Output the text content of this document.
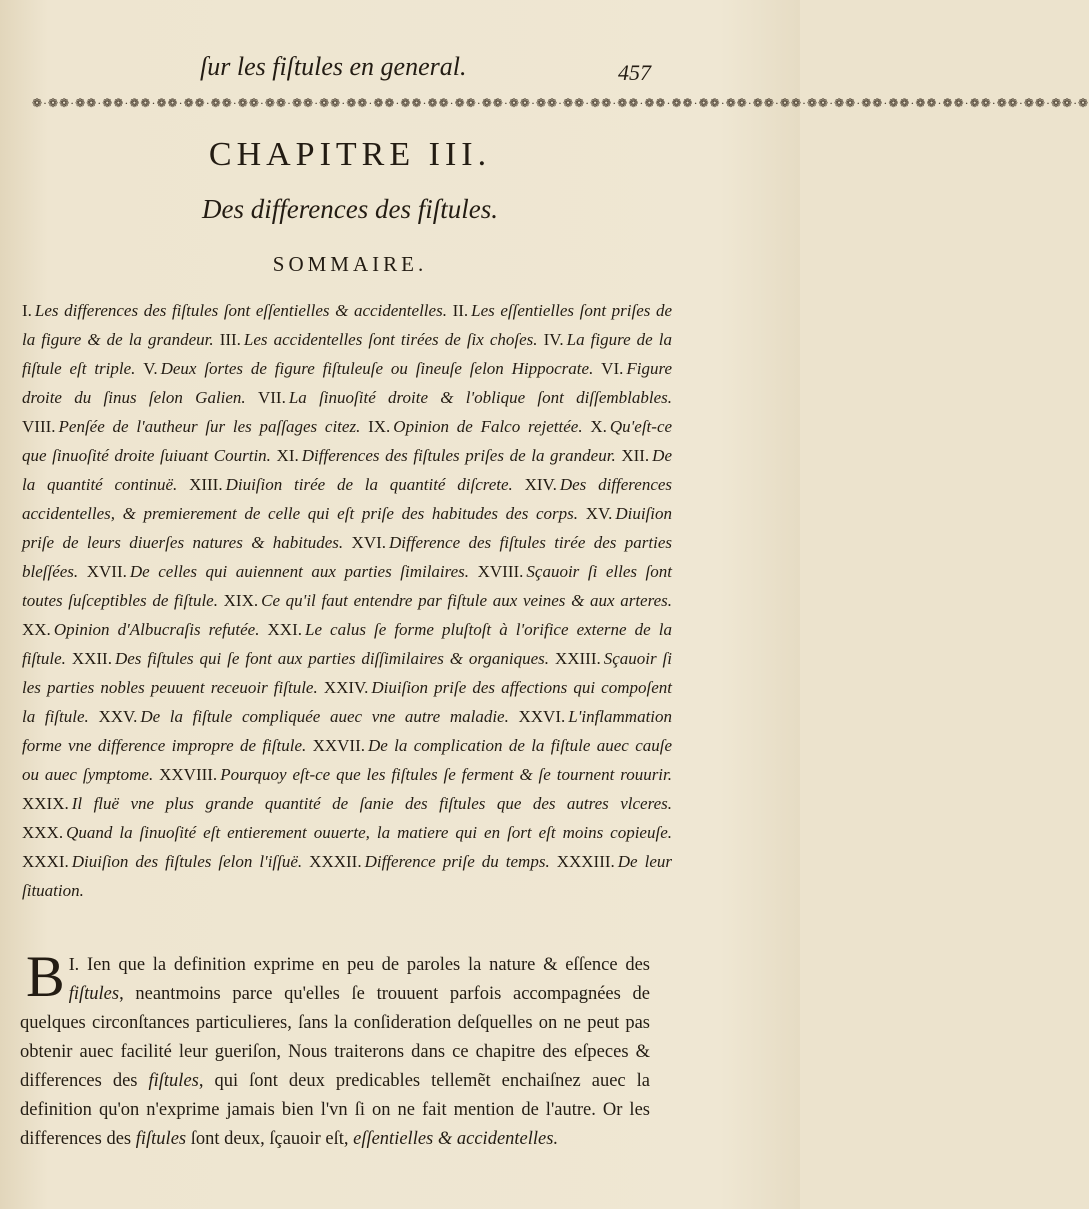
ſur les fiſtules en general.	457
❁·❁❁·❁❁·❁❁·❁❁·❁❁·❁❁·❁❁·❁❁·❁❁·❁❁·❁❁·❁❁·❁❁·❁❁·❁❁·❁❁·❁❁·❁❁·❁❁·❁❁·❁❁·❁❁·❁❁·❁❁·❁❁·❁❁·❁❁·❁❁·❁❁·❁❁·❁❁·❁❁·❁❁·❁❁·❁❁·❁❁·❁❁·❁❁·❁
CHAPITRE III.
Des differences des fiſtules.
SOMMAIRE.
I. Les differences des fiſtules ſont eſſentielles & accidentelles. II. Les eſſentielles ſont priſes de la figure & de la grandeur. III. Les accidentelles ſont tirées de ſix choſes. IV. La figure de la fiſtule eſt triple. V. Deux ſortes de figure fiſtuleuſe ou ſineuſe ſelon Hippocrate. VI. Figure droite du ſinus ſelon Galien. VII. La ſinuoſité droite & l'oblique ſont diſſemblables. VIII. Penſée de l'autheur ſur les paſſages citez. IX. Opinion de Falco rejettée. X. Qu'eſt-ce que ſinuoſité droite ſuiuant Courtin. XI. Differences des fiſtules priſes de la grandeur. XII. De la quantité continuë. XIII. Diuiſion tirée de la quantité diſcrete. XIV. Des differences accidentelles, & premierement de celle qui eſt priſe des habitudes des corps. XV. Diuiſion priſe de leurs diuerſes natures & habitudes. XVI. Difference des fiſtules tirée des parties bleſſées. XVII. De celles qui auiennent aux parties ſimilaires. XVIII. Sçauoir ſi elles ſont toutes ſuſceptibles de fiſtule. XIX. Ce qu'il faut entendre par fiſtule aux veines & aux arteres. XX. Opinion d'Albucraſis refutée. XXI. Le calus ſe forme pluſtoſt à l'orifice externe de la fiſtule. XXII. Des fiſtules qui ſe font aux parties diſſimilaires & organiques. XXIII. Sçauoir ſi les parties nobles peuuent receuoir fiſtule. XXIV. Diuiſion priſe des affections qui compoſent la fiſtule. XXV. De la fiſtule compliquée auec vne autre maladie. XXVI. L'inflammation forme vne difference impropre de fiſtule. XXVII. De la complication de la fiſtule auec cauſe ou auec ſymptome. XXVIII. Pourquoy eſt-ce que les fiſtules ſe ferment & ſe tournent rouurir. XXIX. Il fluë vne plus grande quantité de ſanie des fiſtules que des autres vlceres. XXX. Quand la ſinuoſité eſt entierement ouuerte, la matiere qui en ſort eſt moins copieuſe. XXXI. Diuiſion des fiſtules ſelon l'iſſuë. XXXII. Difference priſe du temps. XXXIII. De leur ſituation.
I.
B Ien que la definition exprime en peu de paroles la nature & eſſence des fiſtules, neantmoins parce qu'elles ſe trouuent parfois accompagnées de quelques circonſtances particulieres, ſans la conſideration deſquelles on ne peut pas obtenir auec facilité leur gueriſon, Nous traiterons dans ce chapitre des eſpeces & differences des fiſtules, qui ſont deux predicables tellemẽt enchaiſnez auec la definition qu'on n'exprime jamais bien l'vn ſi on ne fait mention de l'autre. Or les differences des fiſtules ſont deux, ſçauoir eſt, eſſentielles & accidentelles.
